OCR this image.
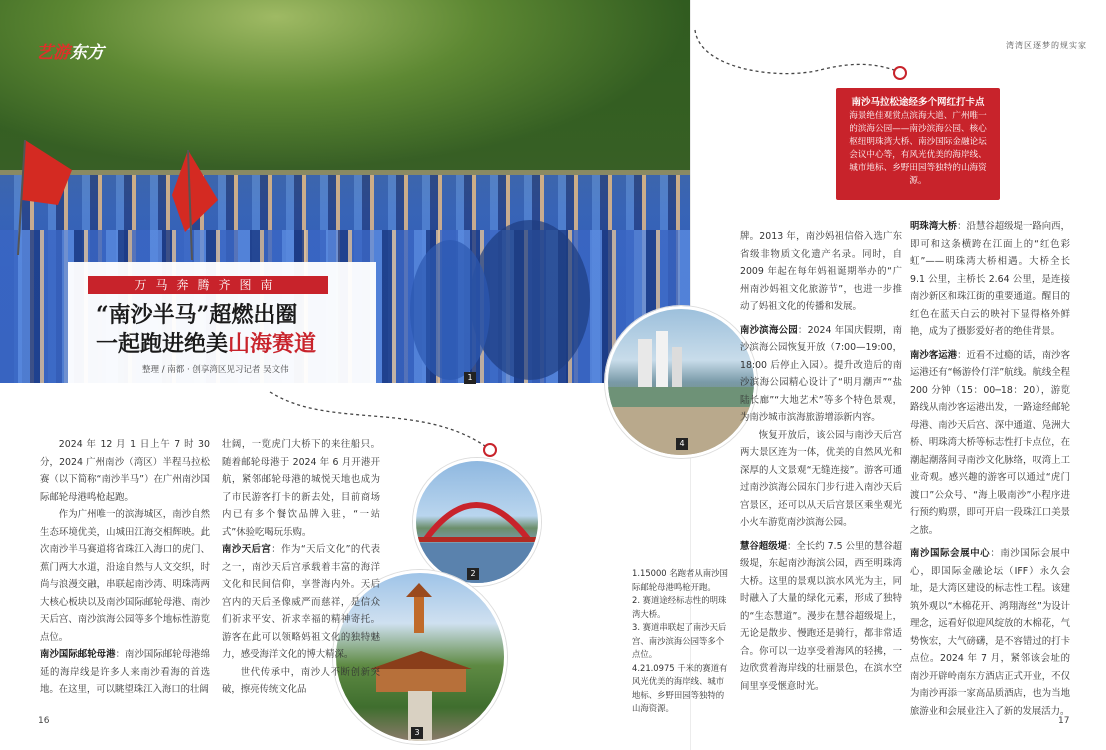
1
艺游东方	湾湾区逐梦的规实家
万马奔腾齐图南
“南沙半马”超燃出圈
一起跑进绝美山海赛道
整理 / 南都 · 创享湾区见习记者 吴文伟
南沙马拉松途经多个网红打卡点
海景绝佳观赏点滨海大道、广州唯一的滨海公园——南沙滨海公园、核心枢纽明珠湾大桥、南沙国际金融论坛会议中心等，有风光优美的海岸线、城市地标、乡野田园等独特的山海资源。
2
3
4

2024 年 12 月 1 日上午 7 时 30 分，2024 广州南沙（湾区）半程马拉松赛（以下简称“南沙半马”）在广州南沙国际邮轮母港鸣枪起跑。

作为广州唯一的滨海城区，南沙自然生态环境优美，山城田江海交相辉映。此次南沙半马赛道将省珠江入海口的虎门、蕉门两大水道，沿途自然与人文交织，时尚与浪漫交融，串联起南沙湾、明珠湾两大核心板块以及南沙国际邮轮母港、南沙天后宫、南沙滨海公园等多个地标性游览点位。

南沙国际邮轮母港：南沙国际邮轮母港绵延的海岸线是许多人来南沙看海的首选地。在这里，可以眺望珠江入海口的壮阔

壮阔，一览虎门大桥下的来往船只。随着邮轮母港于 2024 年 6 月开港开航，紧邻邮轮母港的城悦天地也成为了市民游客打卡的新去处，目前商场内已有多个餐饮品牌入驻，“一站式”休验吃喝玩乐购。

南沙天后宫：作为“天后文化”的代表之一，南沙天后宫承载着丰富的海洋文化和民间信仰，享誉海内外。天后宫内的天后圣像威严而慈祥，是信众们祈求平安、祈求幸福的精神寄托。游客在此可以领略妈祖文化的独特魅力，感受海洋文化的博大精深。

世代传承中，南沙人不断创新突破，擦亮传统文化品

1.15000 名跑者从南沙国际邮轮母港鸣枪开跑。
2. 赛道途经标志性的明珠湾大桥。
3. 赛道串联起了南沙天后宫、南沙滨海公园等多个点位。
4.21.0975 千米的赛道有风光优美的海岸线、城市地标、乡野田园等独特的山海资源。

牌。2013 年，南沙妈祖信俗入选广东省级非物质文化遗产名录。同时，自 2009 年起在每年妈祖诞期举办的“广州南沙妈祖文化旅游节”，也进一步推动了妈祖文化的传播和发展。

南沙滨海公园：2024 年国庆假期，南沙滨海公园恢复开放（7:00—19:00，18:00 后停止入园）。提升改造后的南沙滨海公园精心设计了“明月潮声”“盐陆长廊”“大地艺术”等多个特色景观，为南沙城市滨海旅游增添新内容。

恢复开放后，该公园与南沙天后宫两大景区连为一体，优美的自然风光和深厚的人文景观“无缝连接”。游客可通过南沙滨海公园东门步行进入南沙天后宫景区，还可以从天后宫景区乘坐观光小火车游览南沙滨海公园。

慧谷超级堤：全长约 7.5 公里的慧谷超级堤，东起南沙海滨公园，西至明珠湾大桥。这里的景观以滨水风光为主，同时融入了大量的绿化元素，形成了独特的“生态慧道”。漫步在慧谷超级堤上，无论是散步、慢跑还是骑行，都非常适合。你可以一边享受着海风的轻拂，一边欣赏着海岸线的壮丽景色，在滨水空间里享受惬意时光。

明珠湾大桥：沿慧谷超级堤一路向西，即可和这条横跨在江面上的“红色彩虹”——明珠湾大桥相遇。大桥全长 9.1 公里，主桥长 2.64 公里，是连接南沙新区和珠江街的重要通道。醒目的红色在蓝天白云的映衬下显得格外鲜艳，成为了摄影爱好者的绝佳背景。

南沙客运港：近看不过瘾的话，南沙客运港还有“畅游伶仃洋”航线。航线全程 200 分钟（15：00─18：20），游览路线从南沙客运港出发，一路途经邮轮母港、南沙天后宫、深中通道、凫洲大桥、明珠湾大桥等标志性打卡点位，在潮起潮落间寻南沙文化脉络，叹湾上工业奇观。感兴趣的游客可以通过“虎门渡口”公众号、“海上吸南沙”小程序进行预约购票，即可开启一段珠江口美景之旅。

南沙国际会展中心：南沙国际会展中心，即国际金融论坛（IFF）永久会址，是大湾区建设的标志性工程。该建筑外观以“木棉花开、鸿翔海丝”为设计理念，远看好似迎风绽放的木棉花，气势恢宏，大气磅礴，是不容错过的打卡点位。2024 年 7 月，紧邻该会址的南沙开辟岭南东方酒店正式开业，不仅为南沙再添一家高品质酒店，也为当地旅游业和会展业注入了新的发展活力。

16	17
